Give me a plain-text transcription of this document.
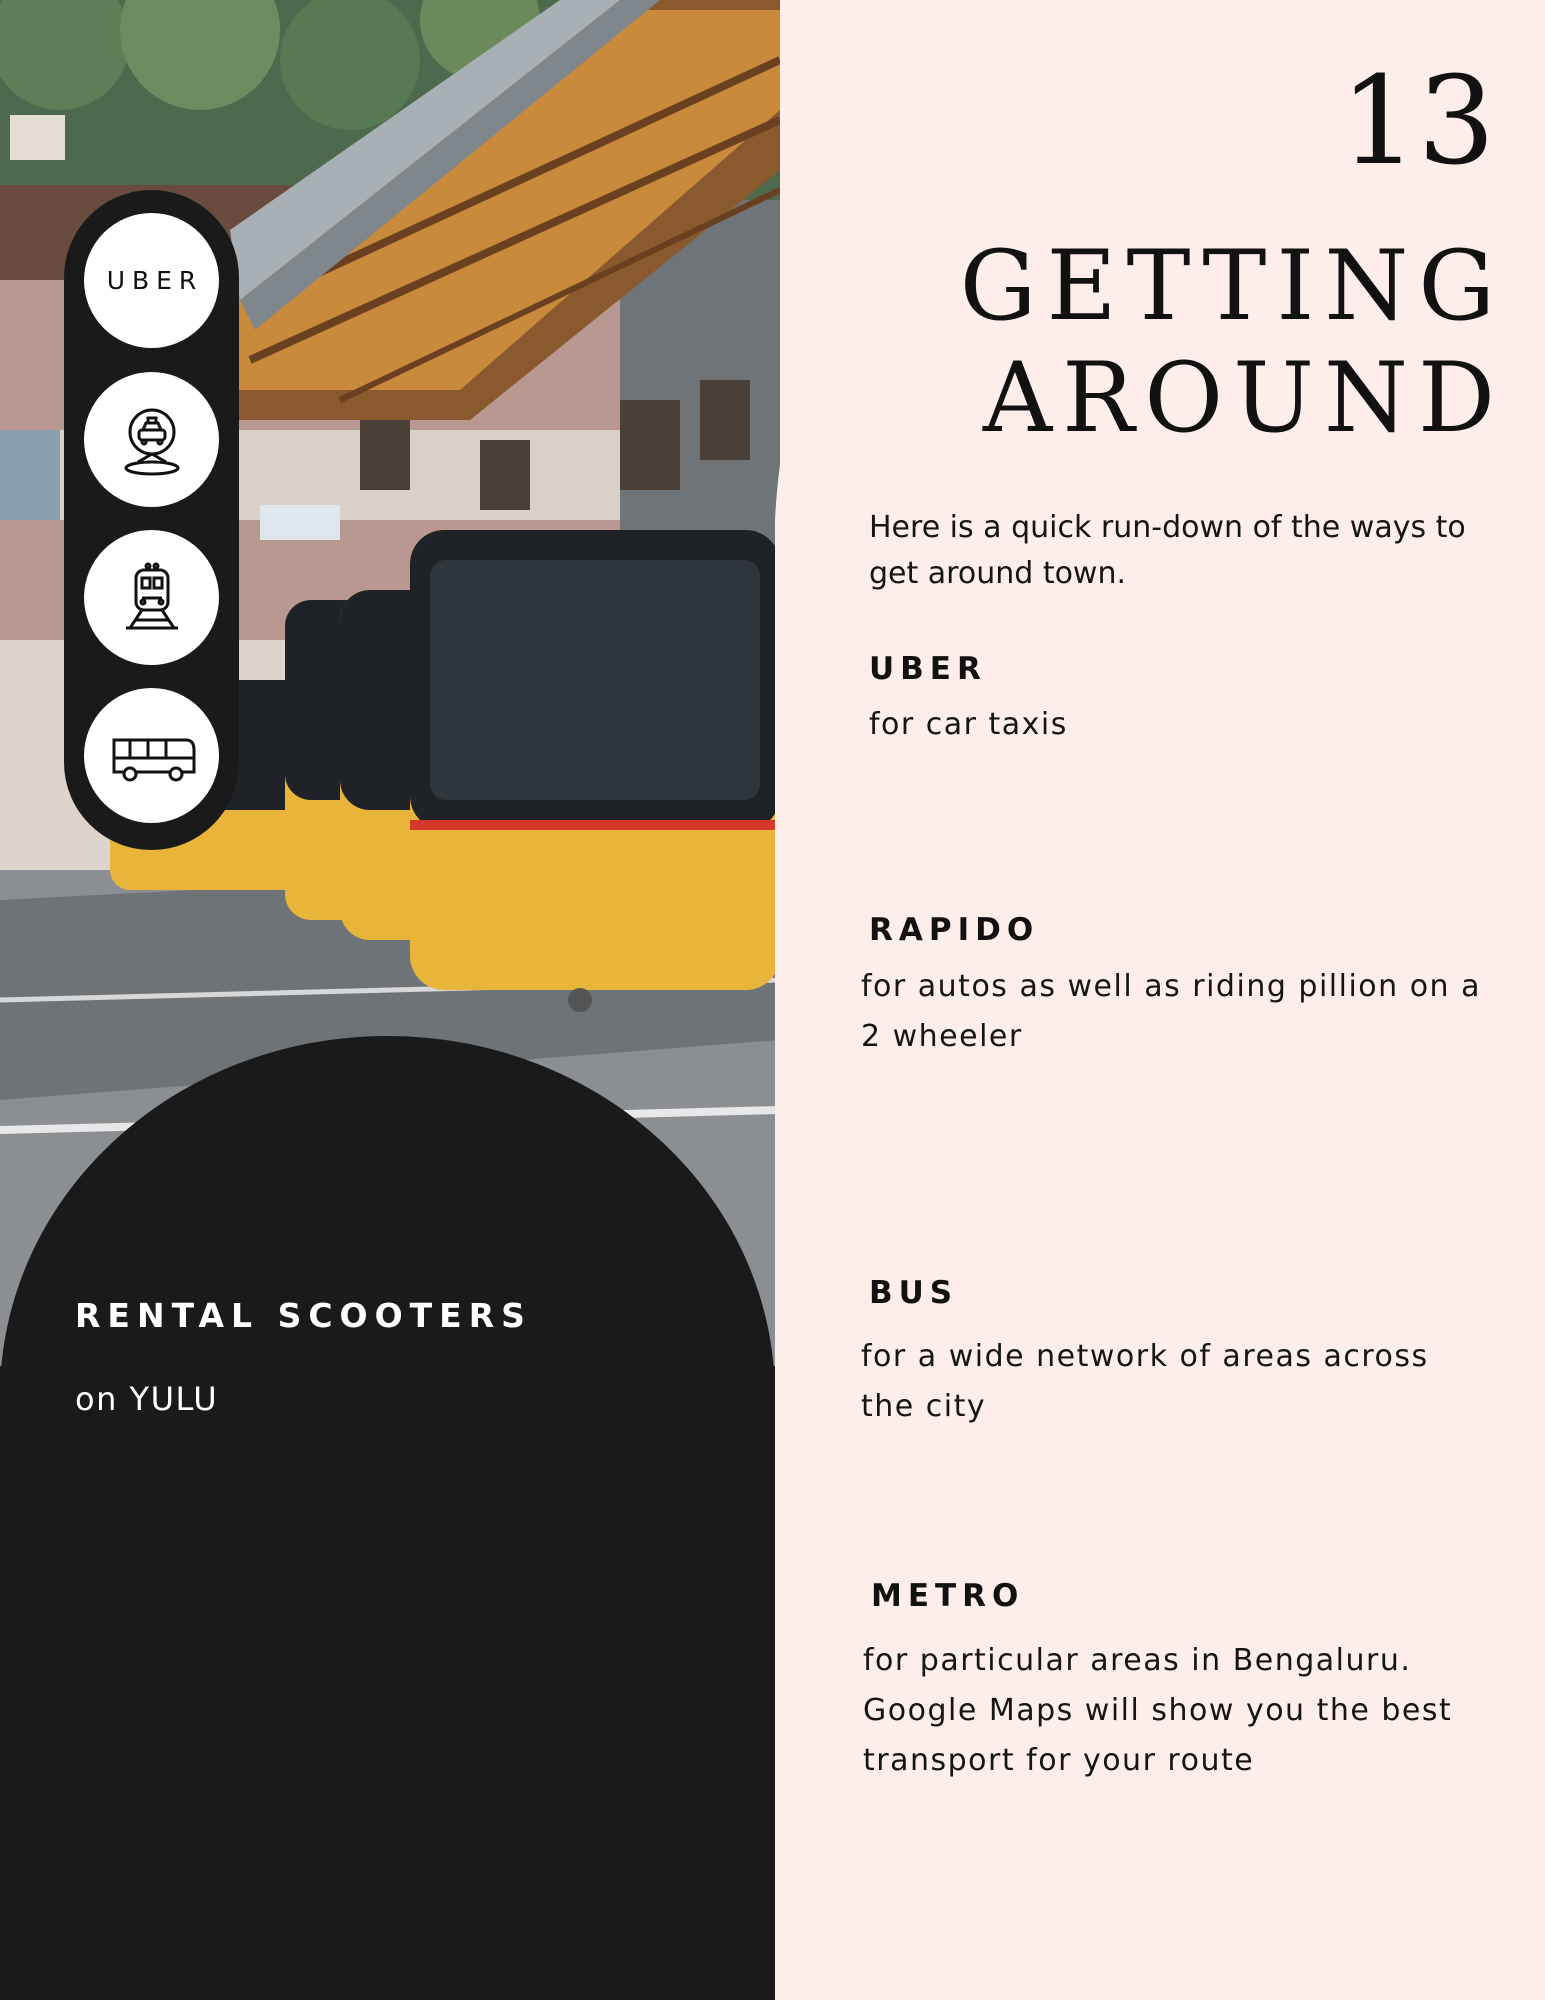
RENTAL SCOOTERS
on YULU
UBER
13
GETTING
AROUND
Here is a quick run-down of the ways to get around town.
UBER
for car taxis
RAPIDO
for autos as well as riding pillion on a 2 wheeler
BUS
for a wide network of areas across the city
METRO
for particular areas in Bengaluru. Google Maps will show you the best transport for your route
